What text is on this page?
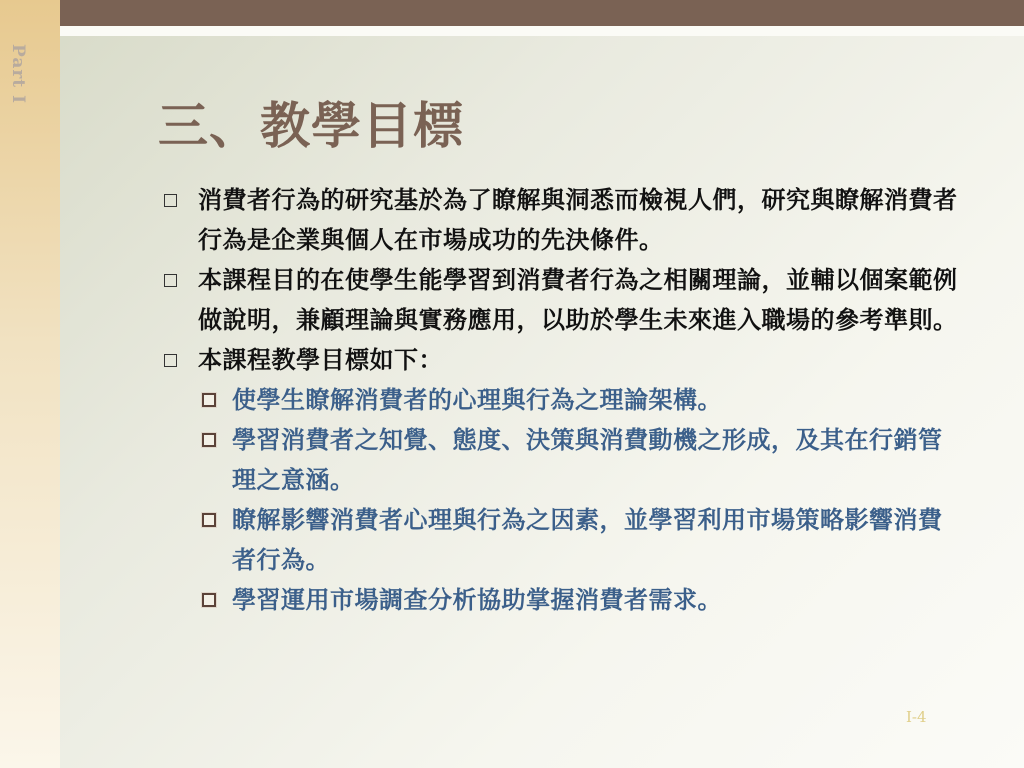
Part I
三、教學目標
消費者行為的研究基於為了瞭解與洞悉而檢視人們，研究與瞭解消費者行為是企業與個人在市場成功的先決條件。
本課程目的在使學生能學習到消費者行為之相關理論，並輔以個案範例做說明，兼顧理論與實務應用，以助於學生未來進入職場的參考準則。
本課程教學目標如下：
使學生瞭解消費者的心理與行為之理論架構。
學習消費者之知覺、態度、決策與消費動機之形成，及其在行銷管理之意涵。
瞭解影響消費者心理與行為之因素，並學習利用市場策略影響消費者行為。
學習運用市場調查分析協助掌握消費者需求。
I-4
